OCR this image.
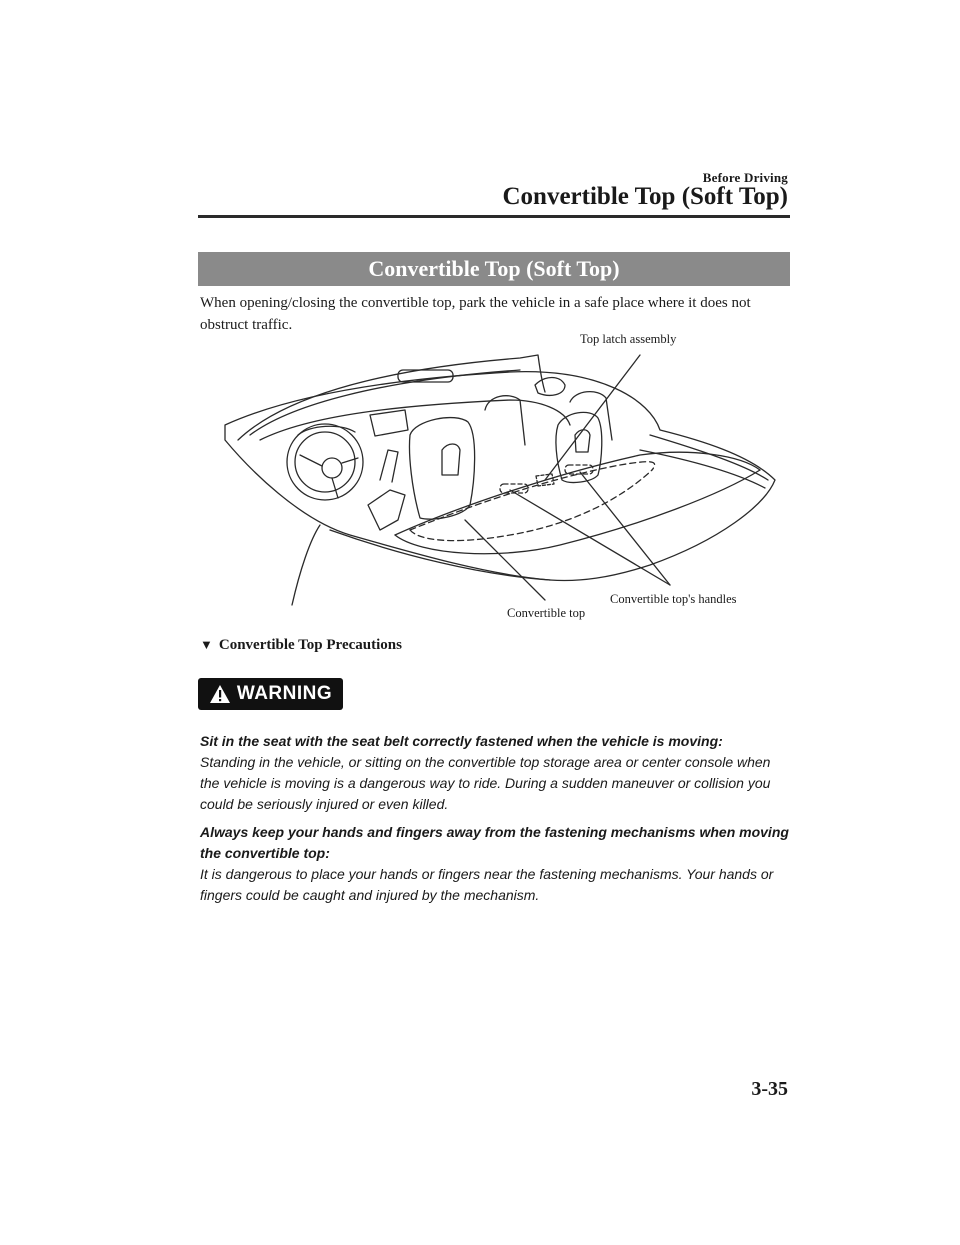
Before Driving
Convertible Top (Soft Top)
Convertible Top (Soft Top)

When opening/closing the convertible top, park the vehicle in a safe place where it does not obstruct traffic.

Top latch assembly
Convertible top
Convertible top's handles
▼ Convertible Top Precautions
WARNING

Sit in the seat with the seat belt correctly fastened when the vehicle is moving:

Standing in the vehicle, or sitting on the convertible top storage area or center console when the vehicle is moving is a dangerous way to ride. During a sudden maneuver or collision you could be seriously injured or even killed.

Always keep your hands and fingers away from the fastening mechanisms when moving the convertible top:

It is dangerous to place your hands or fingers near the fastening mechanisms. Your hands or fingers could be caught and injured by the mechanism.

3-35
